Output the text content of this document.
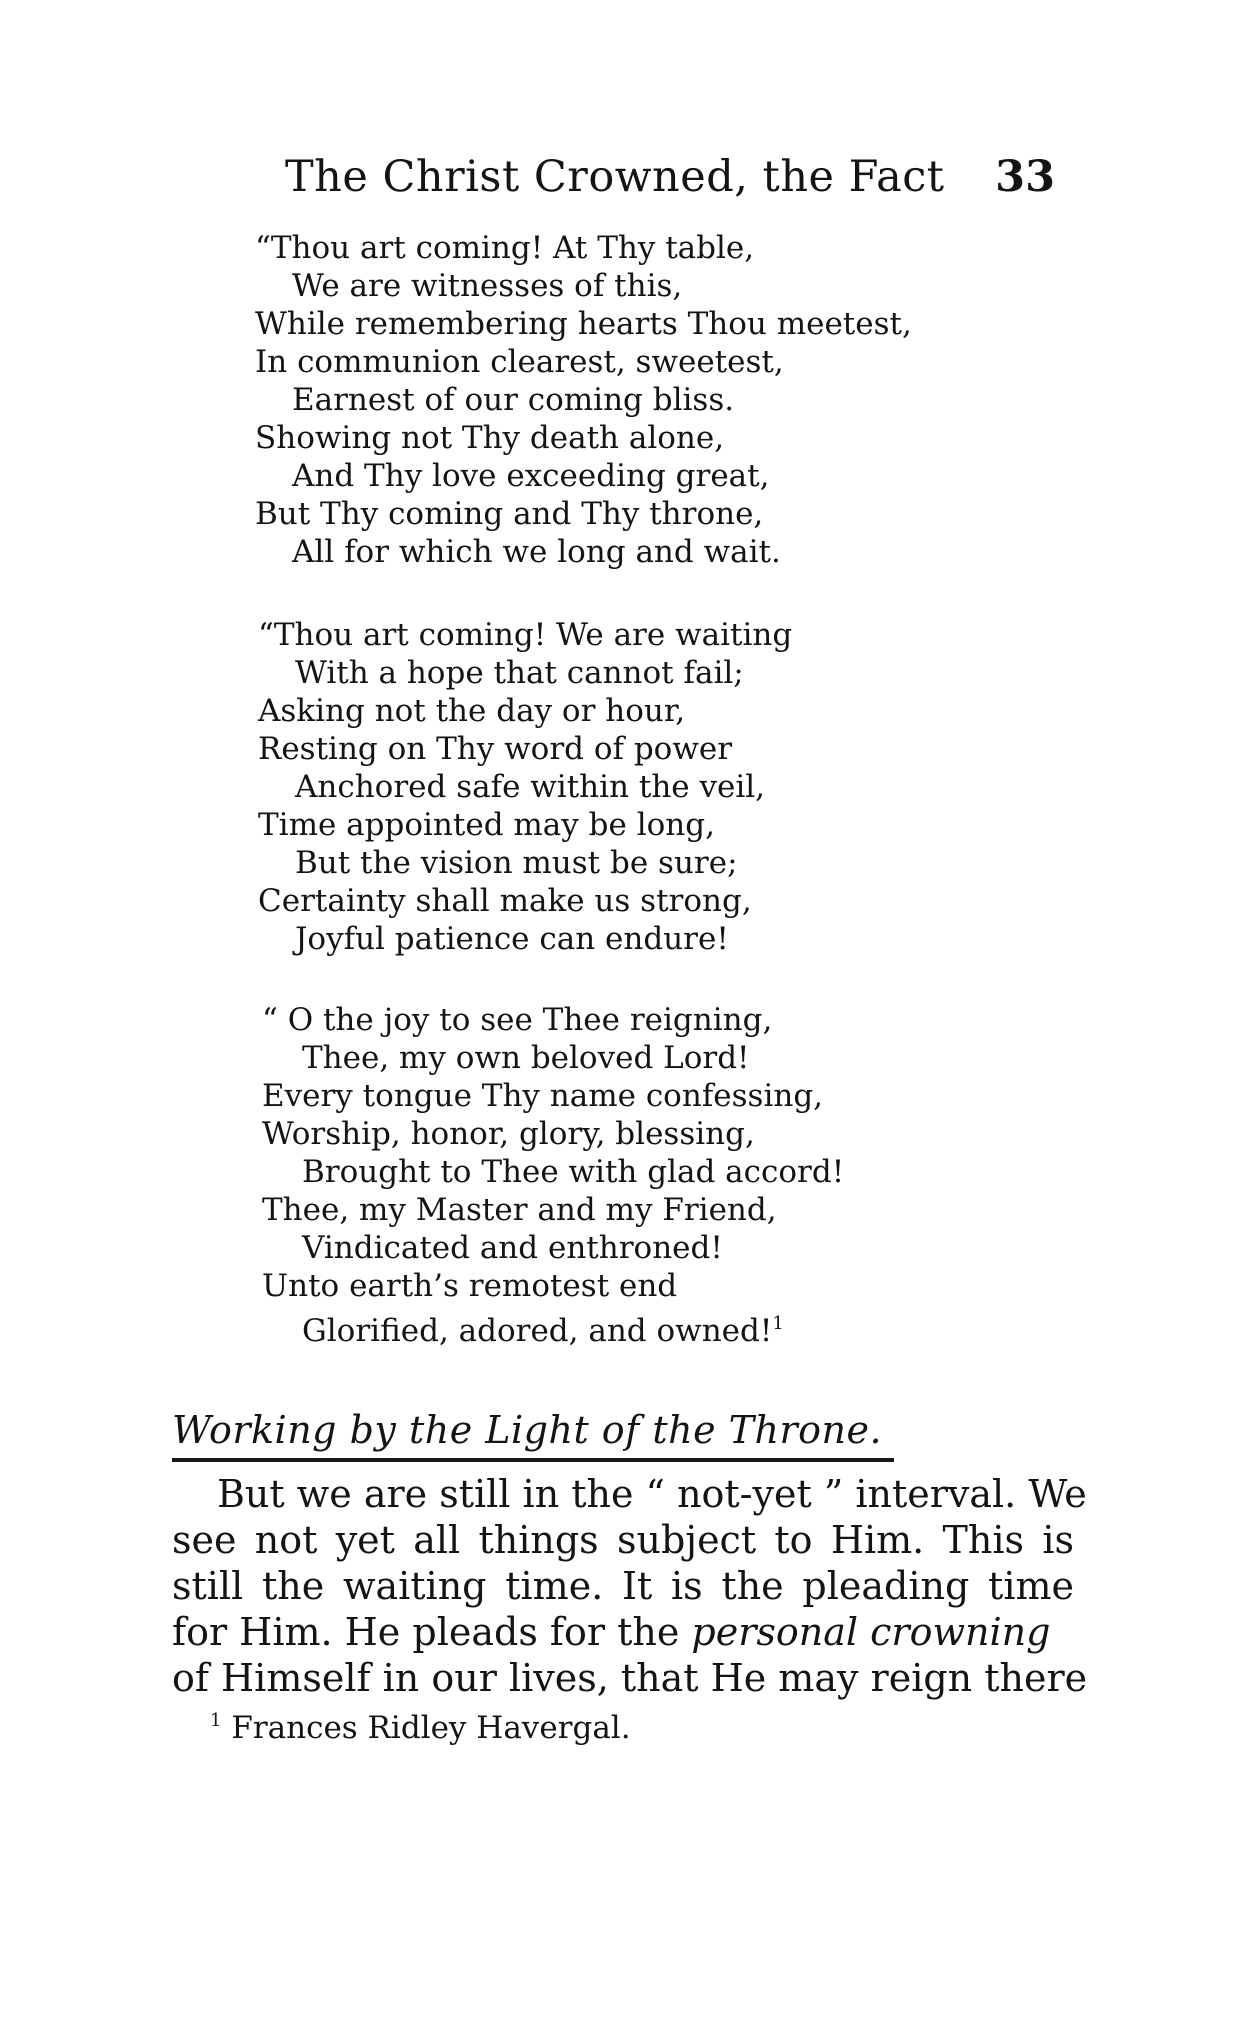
The Christ Crowned, the Fact 33
“Thou art coming! At Thy table,
We are witnesses of this,
While remembering hearts Thou meetest,
In communion clearest, sweetest,
Earnest of our coming bliss.
Showing not Thy death alone,
And Thy love exceeding great,
But Thy coming and Thy throne,
All for which we long and wait.
“Thou art coming! We are waiting
With a hope that cannot fail;
Asking not the day or hour,
Resting on Thy word of power
Anchored safe within the veil,
Time appointed may be long,
But the vision must be sure;
Certainty shall make us strong,
Joyful patience can endure!
“ O the joy to see Thee reigning,
Thee, my own beloved Lord!
Every tongue Thy name confessing,
Worship, honor, glory, blessing,
Brought to Thee with glad accord!
Thee, my Master and my Friend,
Vindicated and enthroned!
Unto earth’s remotest end
Glorified, adored, and owned!$^1$
Working by the Light of the Throne.
But we are still in the “ not-yet ” interval. We
see not yet all things subject to Him. This is
still the waiting time. It is the pleading time
for Him. He pleads for the personal crowning
of Himself in our lives, that He may reign there
$^1$ Frances Ridley Havergal.
